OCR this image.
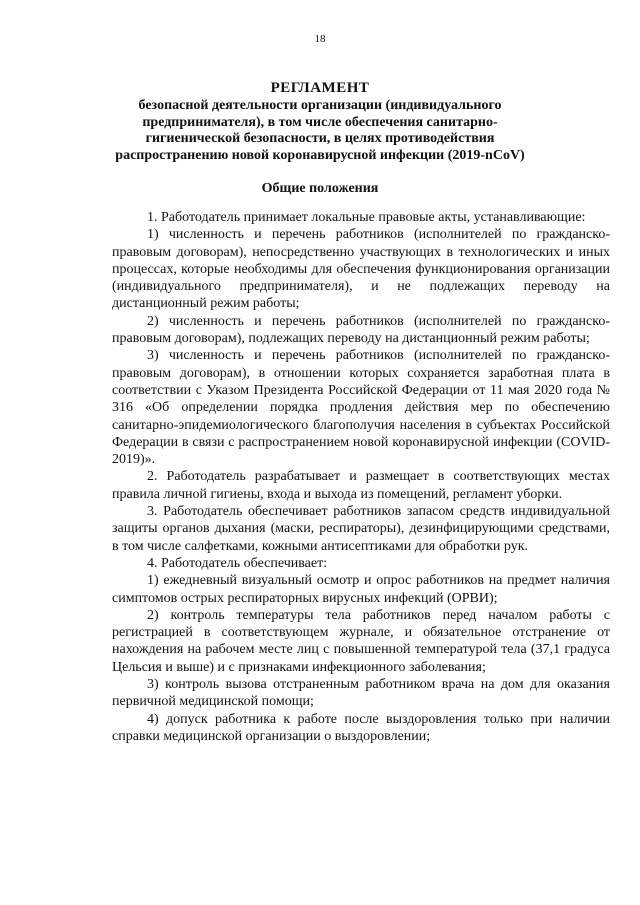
18

РЕГЛАМЕНТ

безопасной деятельности организации (индивидуального предпринимателя), в том числе обеспечения санитарно-гигиенической безопасности, в целях противодействия распространению новой коронавирусной инфекции (2019-nCoV)

Общие положения

1. Работодатель принимает локальные правовые акты, устанавливающие:

1) численность и перечень работников (исполнителей по гражданско-правовым договорам), непосредственно участвующих в технологических и иных процессах, которые необходимы для обеспечения функционирования организации (индивидуального предпринимателя), и не подлежащих переводу на дистанционный режим работы;

2) численность и перечень работников (исполнителей по гражданско-правовым договорам), подлежащих переводу на дистанционный режим работы;

3) численность и перечень работников (исполнителей по гражданско-правовым договорам), в отношении которых сохраняется заработная плата в соответствии с Указом Президента Российской Федерации от 11 мая 2020 года № 316 «Об определении порядка продления действия мер по обеспечению санитарно-эпидемиологического благополучия населения в субъектах Российской Федерации в связи с распространением новой коронавирусной инфекции (COVID-2019)».

2. Работодатель разрабатывает и размещает в соответствующих местах правила личной гигиены, входа и выхода из помещений, регламент уборки.

3. Работодатель обеспечивает работников запасом средств индивидуальной защиты органов дыхания (маски, респираторы), дезинфицирующими средствами, в том числе салфетками, кожными антисептиками для обработки рук.

4. Работодатель обеспечивает:

1) ежедневный визуальный осмотр и опрос работников на предмет наличия симптомов острых респираторных вирусных инфекций (ОРВИ);

2) контроль температуры тела работников перед началом работы с регистрацией в соответствующем журнале, и обязательное отстранение от нахождения на рабочем месте лиц с повышенной температурой тела (37,1 градуса Цельсия и выше) и с признаками инфекционного заболевания;

3) контроль вызова отстраненным работником врача на дом для оказания первичной медицинской помощи;

4) допуск работника к работе после выздоровления только при наличии справки медицинской организации о выздоровлении;
